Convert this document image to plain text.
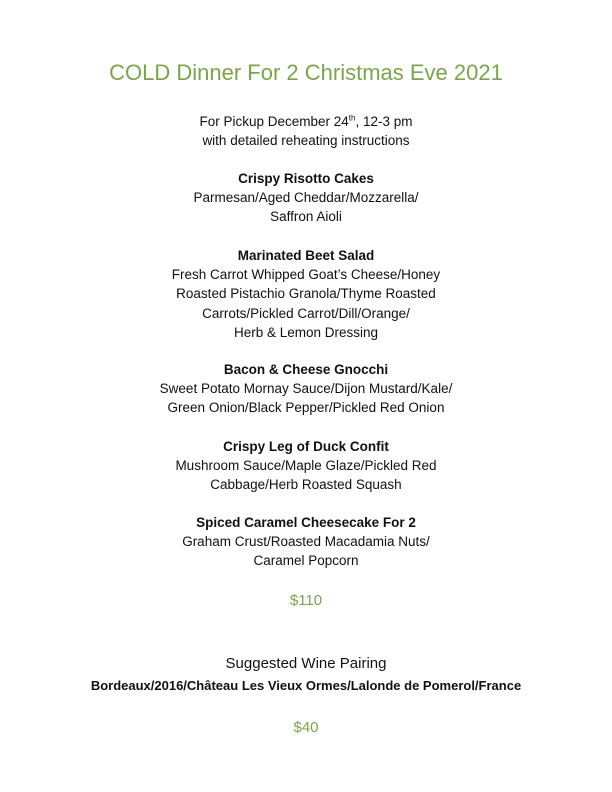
COLD Dinner For 2 Christmas Eve 2021
For Pickup December 24th, 12-3 pm
with detailed reheating instructions
Crispy Risotto Cakes
Parmesan/Aged Cheddar/Mozzarella/
Saffron Aioli
Marinated Beet Salad
Fresh Carrot Whipped Goat’s Cheese/Honey
Roasted Pistachio Granola/Thyme Roasted
Carrots/Pickled Carrot/Dill/Orange/
Herb & Lemon Dressing
Bacon & Cheese Gnocchi
Sweet Potato Mornay Sauce/Dijon Mustard/Kale/
Green Onion/Black Pepper/Pickled Red Onion
Crispy Leg of Duck Confit
Mushroom Sauce/Maple Glaze/Pickled Red
Cabbage/Herb Roasted Squash
Spiced Caramel Cheesecake For 2
Graham Crust/Roasted Macadamia Nuts/
Caramel Popcorn
$110
Suggested Wine Pairing
Bordeaux/2016/Château Les Vieux Ormes/Lalonde de Pomerol/France
$40
